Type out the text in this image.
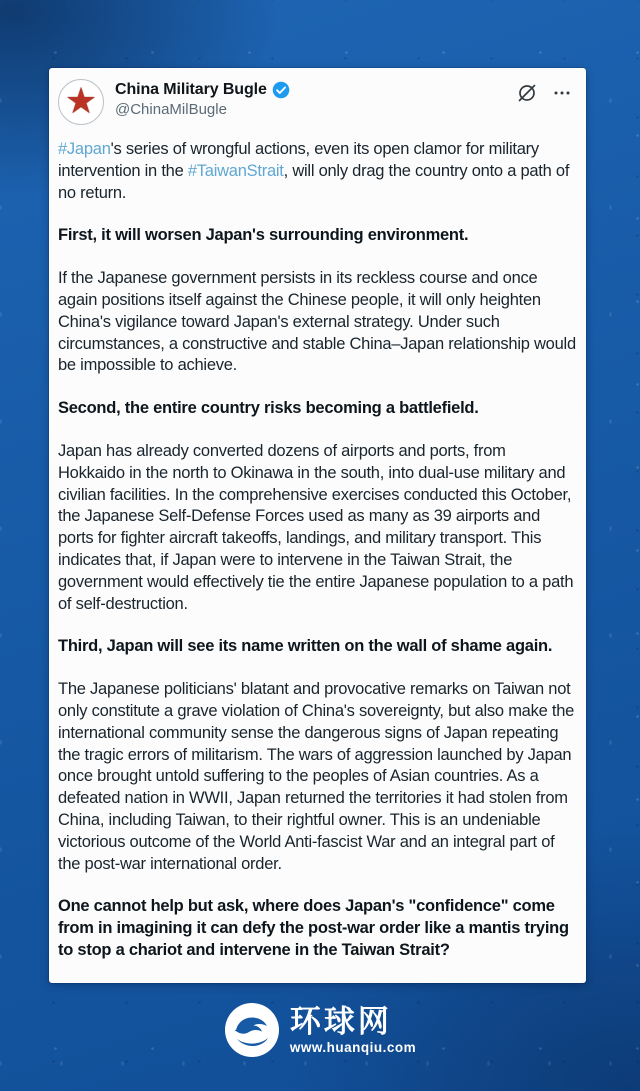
★ China Military Bugle
@ChinaMilBugle

#Japan's series of wrongful actions, even its open clamor for military intervention in the #TaiwanStrait, will only drag the country onto a path of no return.

First, it will worsen Japan's surrounding environment.

If the Japanese government persists in its reckless course and once again positions itself against the Chinese people, it will only heighten China's vigilance toward Japan's external strategy. Under such circumstances, a constructive and stable China–Japan relationship would be impossible to achieve.

Second, the entire country risks becoming a battlefield.

Japan has already converted dozens of airports and ports, from Hokkaido in the north to Okinawa in the south, into dual-use military and civilian facilities. In the comprehensive exercises conducted this October, the Japanese Self-Defense Forces used as many as 39 airports and ports for fighter aircraft takeoffs, landings, and military transport. This indicates that, if Japan were to intervene in the Taiwan Strait, the government would effectively tie the entire Japanese population to a path of self-destruction.

Third, Japan will see its name written on the wall of shame again.

The Japanese politicians' blatant and provocative remarks on Taiwan not only constitute a grave violation of China's sovereignty, but also make the international community sense the dangerous signs of Japan repeating the tragic errors of militarism. The wars of aggression launched by Japan once brought untold suffering to the peoples of Asian countries. As a defeated nation in WWII, Japan returned the territories it had stolen from China, including Taiwan, to their rightful owner. This is an undeniable victorious outcome of the World Anti-fascist War and an integral part of the post-war international order.

One cannot help but ask, where does Japan's "confidence" come from in imagining it can defy the post-war order like a mantis trying to stop a chariot and intervene in the Taiwan Strait?

环球网
www.huanqiu.com
